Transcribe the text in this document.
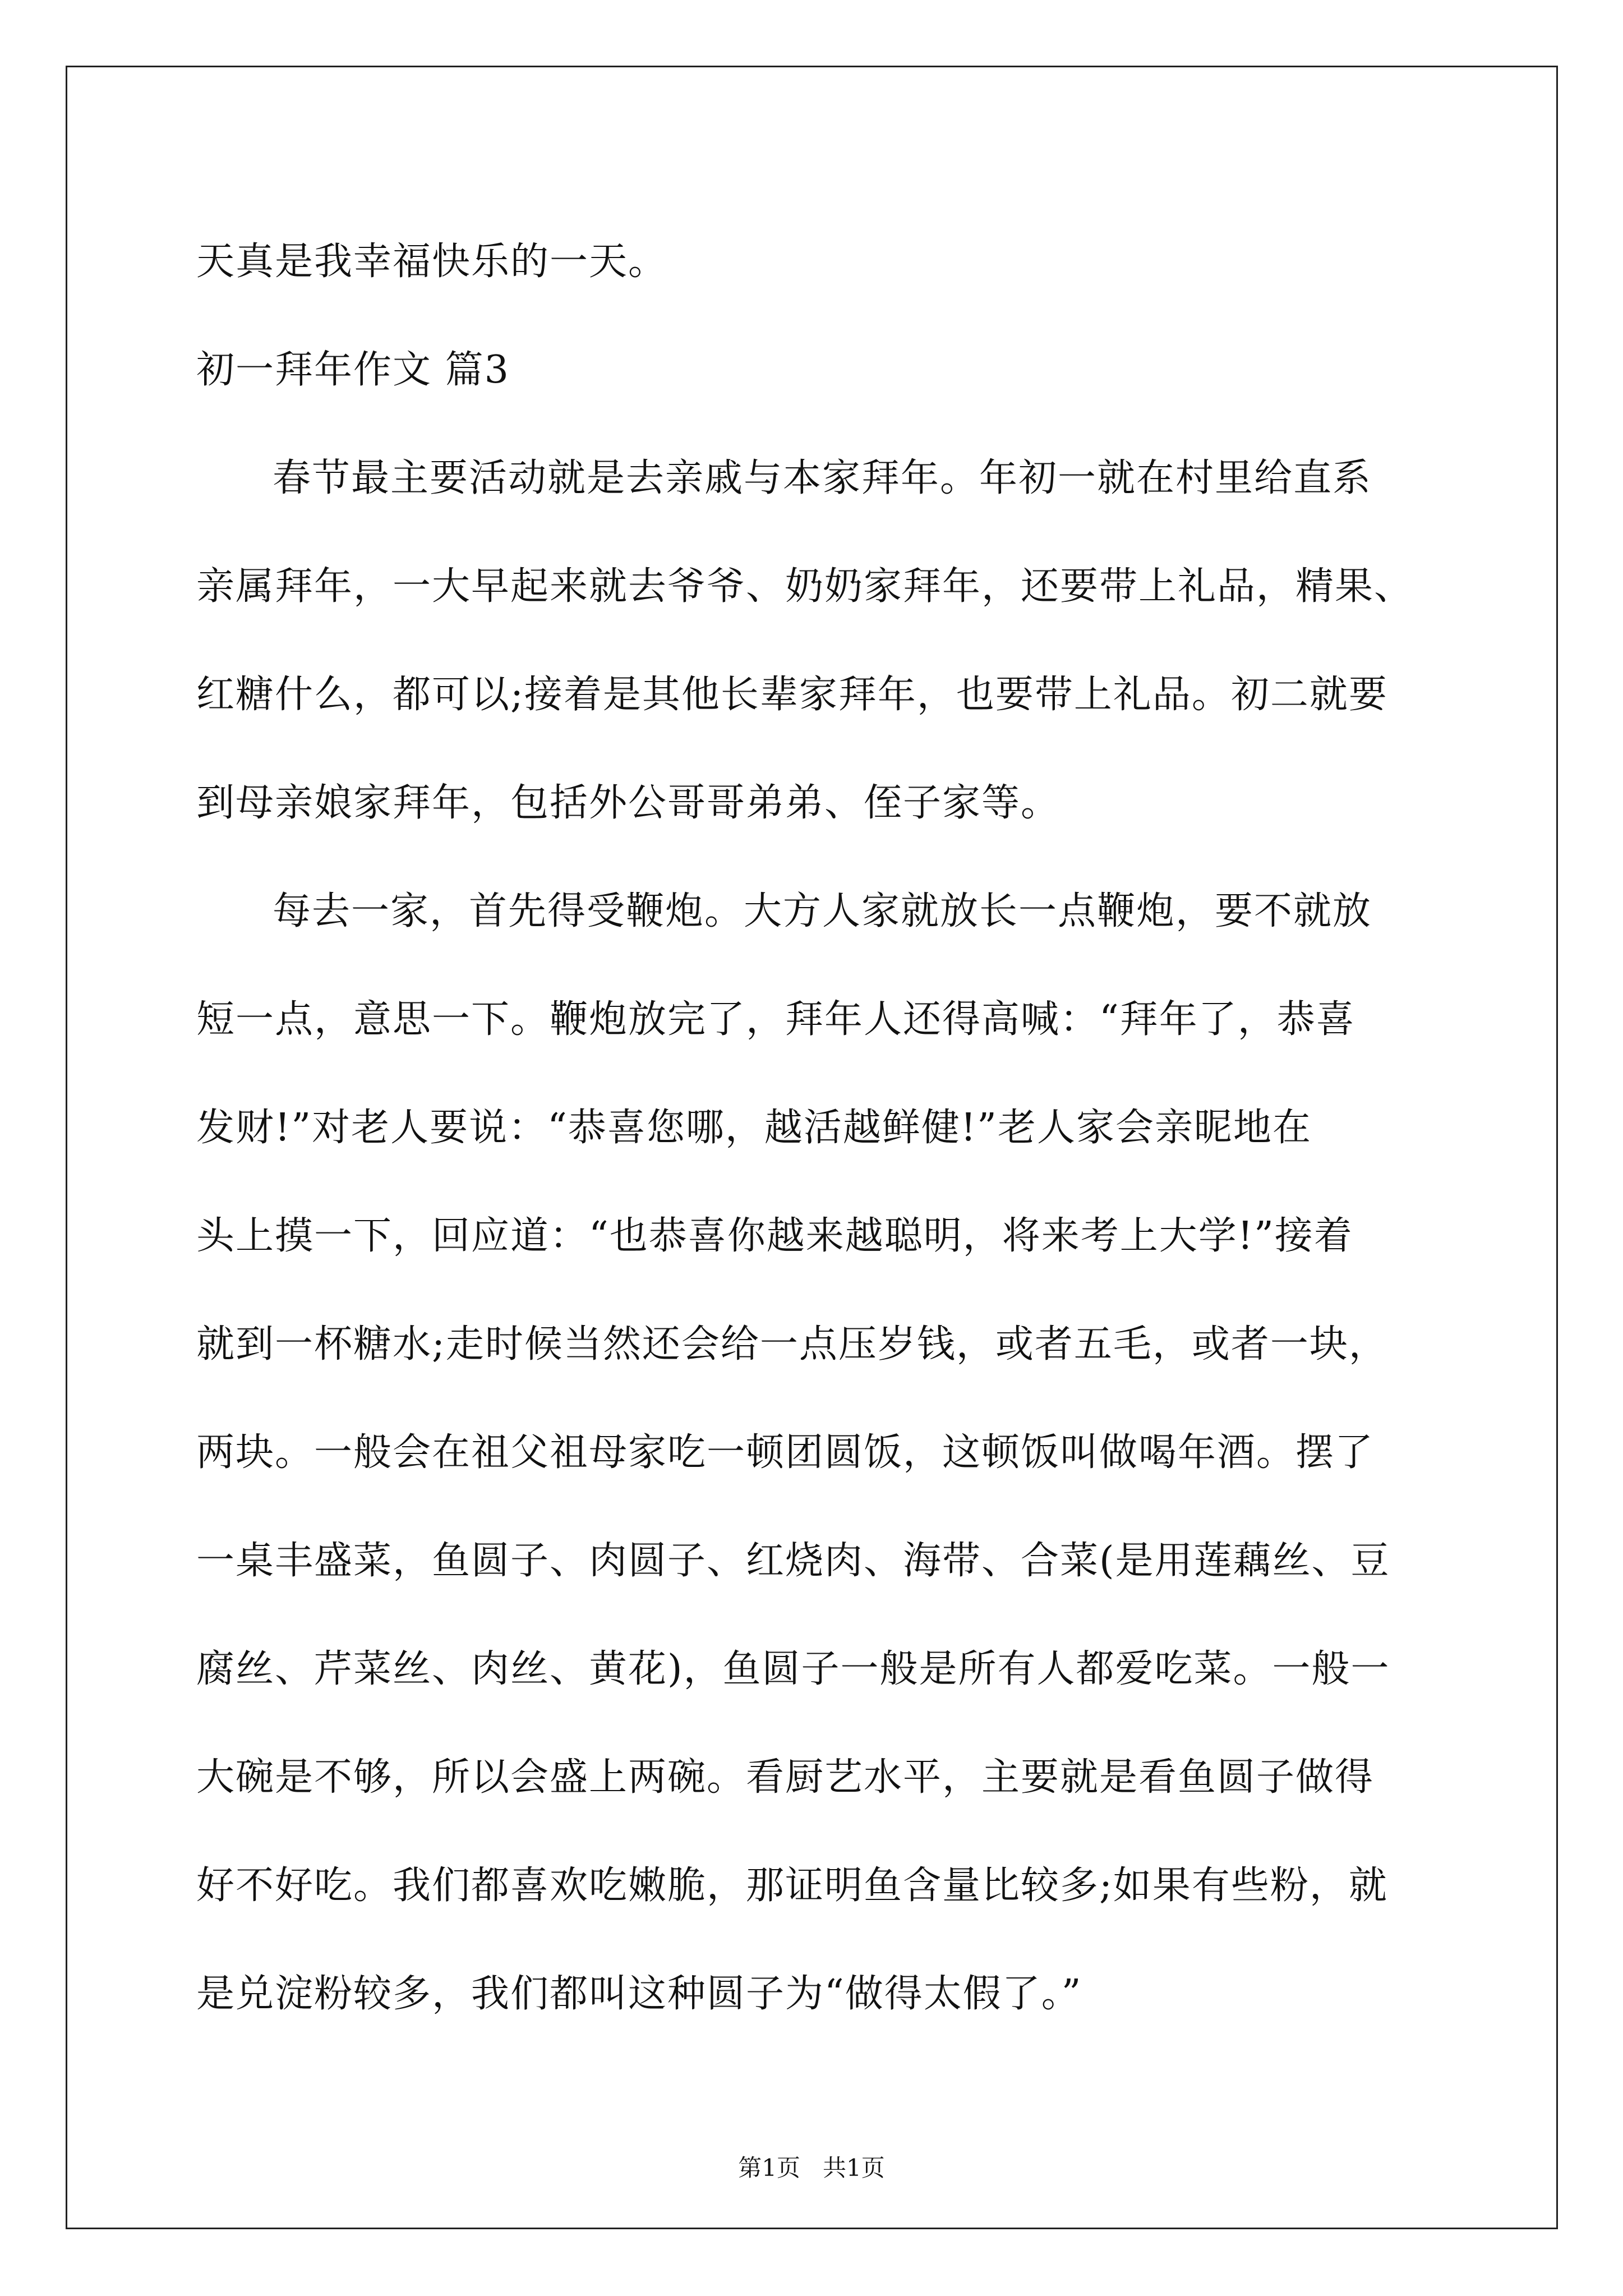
天真是我幸福快乐的一天。
初一拜年作文 篇3
春节最主要活动就是去亲戚与本家拜年。年初一就在村里给直系
亲属拜年，一大早起来就去爷爷、奶奶家拜年，还要带上礼品，精果、
红糖什么，都可以;接着是其他长辈家拜年，也要带上礼品。初二就要
到母亲娘家拜年，包括外公哥哥弟弟、侄子家等。
每去一家，首先得受鞭炮。大方人家就放长一点鞭炮，要不就放
短一点，意思一下。鞭炮放完了，拜年人还得高喊：“拜年了，恭喜
发财!”对老人要说：“恭喜您哪，越活越鲜健!”老人家会亲昵地在
头上摸一下，回应道：“也恭喜你越来越聪明，将来考上大学!”接着
就到一杯糖水;走时候当然还会给一点压岁钱，或者五毛，或者一块，
两块。一般会在祖父祖母家吃一顿团圆饭，这顿饭叫做喝年酒。摆了
一桌丰盛菜，鱼圆子、肉圆子、红烧肉、海带、合菜(是用莲藕丝、豆
腐丝、芹菜丝、肉丝、黄花)，鱼圆子一般是所有人都爱吃菜。一般一
大碗是不够，所以会盛上两碗。看厨艺水平，主要就是看鱼圆子做得
好不好吃。我们都喜欢吃嫩脆，那证明鱼含量比较多;如果有些粉，就
是兑淀粉较多，我们都叫这种圆子为“做得太假了。”
第1页   共1页
